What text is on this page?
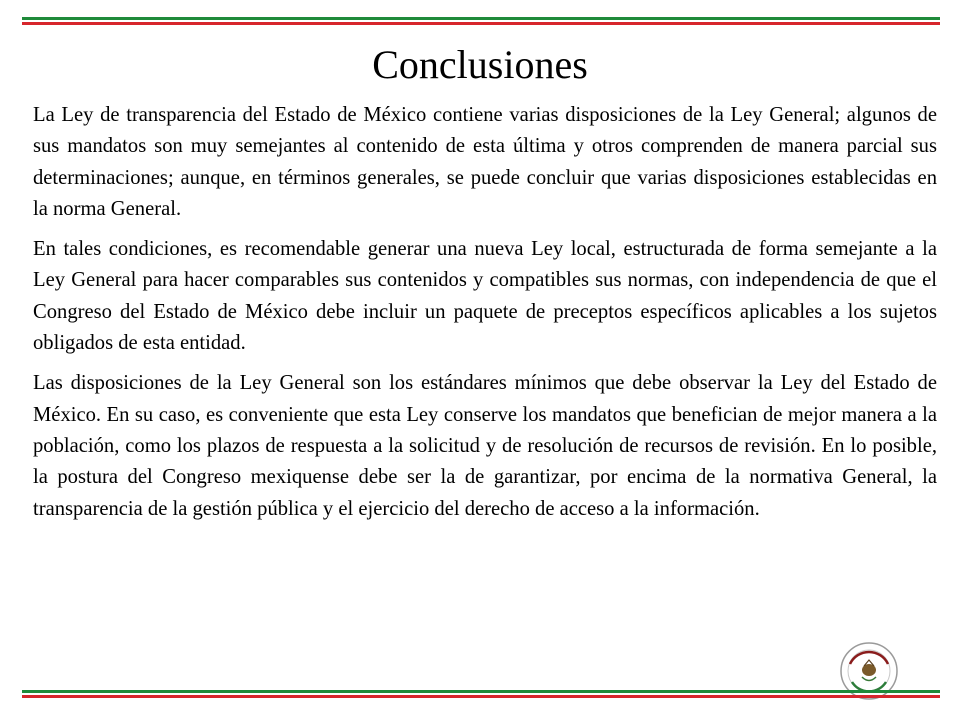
Conclusiones

La Ley de transparencia del Estado de México contiene varias disposiciones de la Ley General; algunos de sus mandatos son muy semejantes al contenido de esta última y otros comprenden de manera parcial sus determinaciones; aunque, en términos generales, se puede concluir que varias disposiciones establecidas en la norma General.

En tales condiciones, es recomendable generar una nueva Ley local, estructurada de forma semejante a la Ley General para hacer comparables sus contenidos y compatibles sus normas, con independencia de que el Congreso del Estado de México debe incluir un paquete de preceptos específicos aplicables a los sujetos obligados de esta entidad.

Las disposiciones de la Ley General son los estándares mínimos que debe observar la Ley del Estado de México. En su caso, es conveniente que esta Ley conserve los mandatos que benefician de mejor manera a la población, como los plazos de respuesta a la solicitud y de resolución de recursos de revisión. En lo posible, la postura del Congreso mexiquense debe ser la de garantizar, por encima de la normativa General, la transparencia de la gestión pública y el ejercicio del derecho de acceso a la información.
